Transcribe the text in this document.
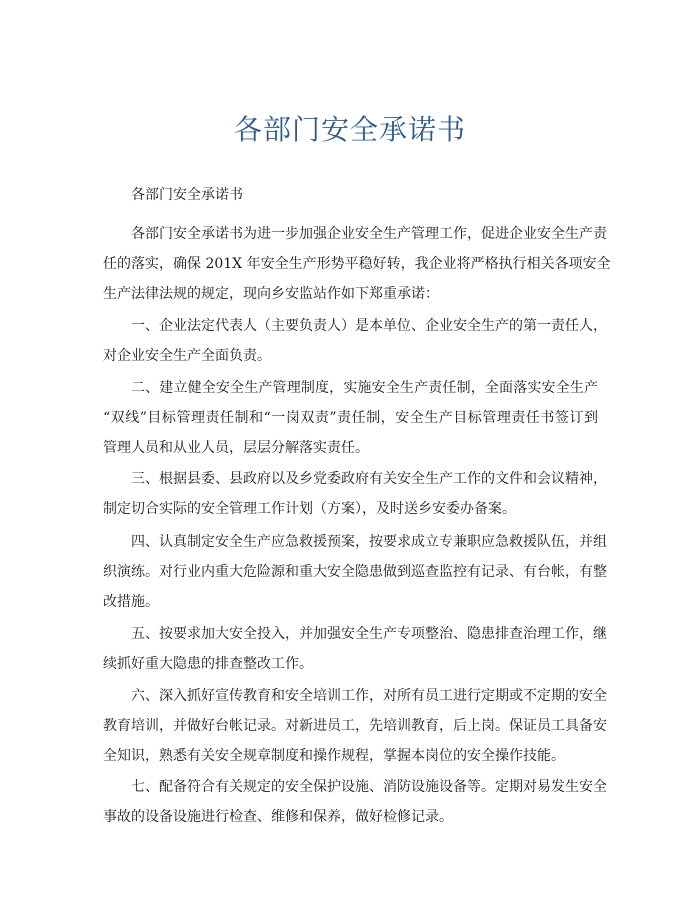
各部门安全承诺书
各部门安全承诺书
各部门安全承诺书为进一步加强企业安全生产管理工作，促进企业安全生产责
任的落实，确保 201X 年安全生产形势平稳好转，我企业将严格执行相关各项安全
生产法律法规的规定，现向乡安监站作如下郑重承诺：
一、企业法定代表人（主要负责人）是本单位、企业安全生产的第一责任人，
对企业安全生产全面负责。
二、建立健全安全生产管理制度，实施安全生产责任制，全面落实安全生产
“双线”目标管理责任制和“一岗双责”责任制，安全生产目标管理责任书签订到
管理人员和从业人员，层层分解落实责任。
三、根据县委、县政府以及乡党委政府有关安全生产工作的文件和会议精神，
制定切合实际的安全管理工作计划（方案），及时送乡安委办备案。
四、认真制定安全生产应急救援预案，按要求成立专兼职应急救援队伍，并组
织演练。对行业内重大危险源和重大安全隐患做到巡查监控有记录、有台帐，有整
改措施。
五、按要求加大安全投入，并加强安全生产专项整治、隐患排查治理工作，继
续抓好重大隐患的排查整改工作。
六、深入抓好宣传教育和安全培训工作，对所有员工进行定期或不定期的安全
教育培训，并做好台帐记录。对新进员工，先培训教育，后上岗。保证员工具备安
全知识，熟悉有关安全规章制度和操作规程，掌握本岗位的安全操作技能。
七、配备符合有关规定的安全保护设施、消防设施设备等。定期对易发生安全
事故的设备设施进行检查、维修和保养，做好检修记录。
